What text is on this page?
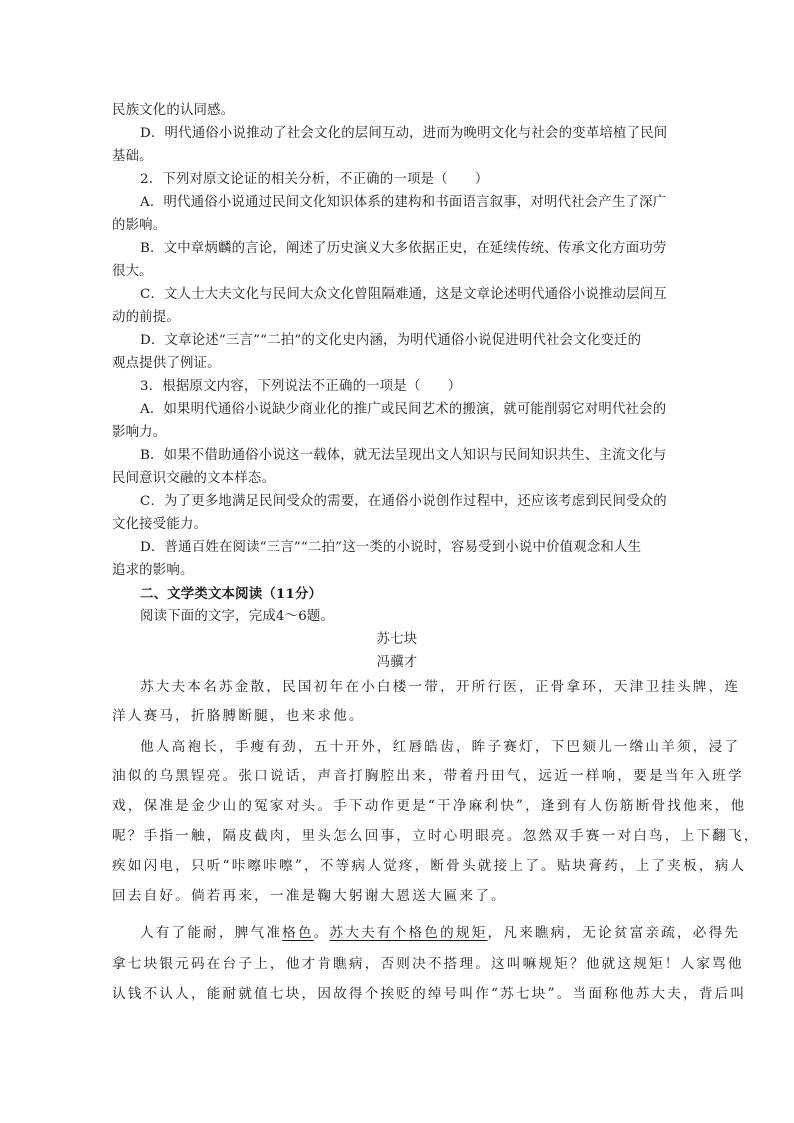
民族文化的认同感。
D．明代通俗小说推动了社会文化的层间互动，进而为晚明文化与社会的变革培植了民间
基础。
2．下列对原文论证的相关分析，不正确的一项是（　　）
A．明代通俗小说通过民间文化知识体系的建构和书面语言叙事，对明代社会产生了深广
的影响。
B．文中章炳麟的言论，阐述了历史演义大多依据正史，在延续传统、传承文化方面功劳
很大。
C．文人士大夫文化与民间大众文化曾阻隔难通，这是文章论述明代通俗小说推动层间互
动的前提。
D．文章论述“三言”“二拍”的文化史内涵，为明代通俗小说促进明代社会文化变迁的
观点提供了例证。
3．根据原文内容，下列说法不正确的一项是（　　）
A．如果明代通俗小说缺少商业化的推广或民间艺术的搬演，就可能削弱它对明代社会的
影响力。
B．如果不借助通俗小说这一载体，就无法呈现出文人知识与民间知识共生、主流文化与
民间意识交融的文本样态。
C．为了更多地满足民间受众的需要，在通俗小说创作过程中，还应该考虑到民间受众的
文化接受能力。
D．普通百姓在阅读“三言”“二拍”这一类的小说时，容易受到小说中价值观念和人生
追求的影响。
二、文学类文本阅读（11分）
阅读下面的文字，完成4～6题。
苏七块
冯骥才
苏大夫本名苏金散，民国初年在小白楼一带，开所行医，正骨拿环，天津卫挂头牌，连
洋人赛马，折胳膊断腿，也来求他。
他人高袍长，手瘦有劲，五十开外，红唇皓齿，眸子赛灯，下巴颏儿一绺山羊须，浸了
油似的乌黑锃亮。张口说话，声音打胸腔出来，带着丹田气，远近一样响，要是当年入班学
戏，保准是金少山的冤家对头。手下动作更是“干净麻利快”，逢到有人伤筋断骨找他来，他
呢？手指一触，隔皮截肉，里头怎么回事，立时心明眼亮。忽然双手赛一对白鸟，上下翻飞，
疾如闪电，只听“咔嚓咔嚓”，不等病人觉疼，断骨头就接上了。贴块膏药，上了夹板，病人
回去自好。倘若再来，一准是鞠大躬谢大恩送大匾来了。
人有了能耐，脾气准格色。苏大夫有个格色的规矩，凡来瞧病，无论贫富亲疏，必得先
拿七块银元码在台子上，他才肯瞧病，否则决不搭理。这叫嘛规矩？他就这规矩！人家骂他
认钱不认人，能耐就值七块，因故得个挨贬的绰号叫作“苏七块”。当面称他苏大夫，背后叫
